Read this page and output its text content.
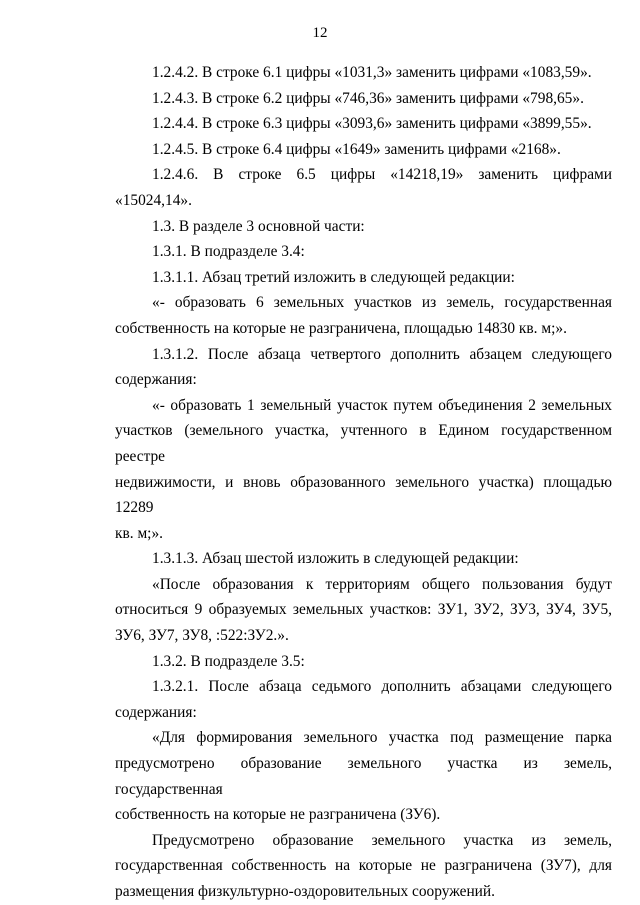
12

1.2.4.2. В строке 6.1 цифры «1031,3» заменить цифрами «1083,59».

1.2.4.3. В строке 6.2 цифры «746,36» заменить цифрами «798,65».

1.2.4.4. В строке 6.3 цифры «3093,6» заменить цифрами «3899,55».

1.2.4.5. В строке 6.4 цифры «1649» заменить цифрами «2168».

1.2.4.6. В строке 6.5 цифры «14218,19» заменить цифрами
«15024,14».

1.3. В разделе 3 основной части:

1.3.1. В подразделе 3.4:

1.3.1.1. Абзац третий изложить в следующей редакции:

«- образовать 6 земельных участков из земель, государственная
собственность на которые не разграничена, площадью 14830 кв. м;».

1.3.1.2. После абзаца четвертого дополнить абзацем следующего
содержания:

«- образовать 1 земельный участок путем объединения 2 земельных
участков (земельного участка, учтенного в Едином государственном реестре
недвижимости, и вновь образованного земельного участка) площадью 12289
кв. м;».

1.3.1.3. Абзац шестой изложить в следующей редакции:

«После образования к территориям общего пользования будут
относиться 9 образуемых земельных участков: ЗУ1, ЗУ2, ЗУ3, ЗУ4, ЗУ5,
ЗУ6, ЗУ7, ЗУ8, :522:ЗУ2.».

1.3.2. В подразделе 3.5:

1.3.2.1. После абзаца седьмого дополнить абзацами следующего
содержания:

«Для формирования земельного участка под размещение парка
предусмотрено образование земельного участка из земель, государственная
собственность на которые не разграничена (ЗУ6).

Предусмотрено образование земельного участка из земель,
государственная собственность на которые не разграничена (ЗУ7), для
размещения физкультурно-оздоровительных сооружений.
